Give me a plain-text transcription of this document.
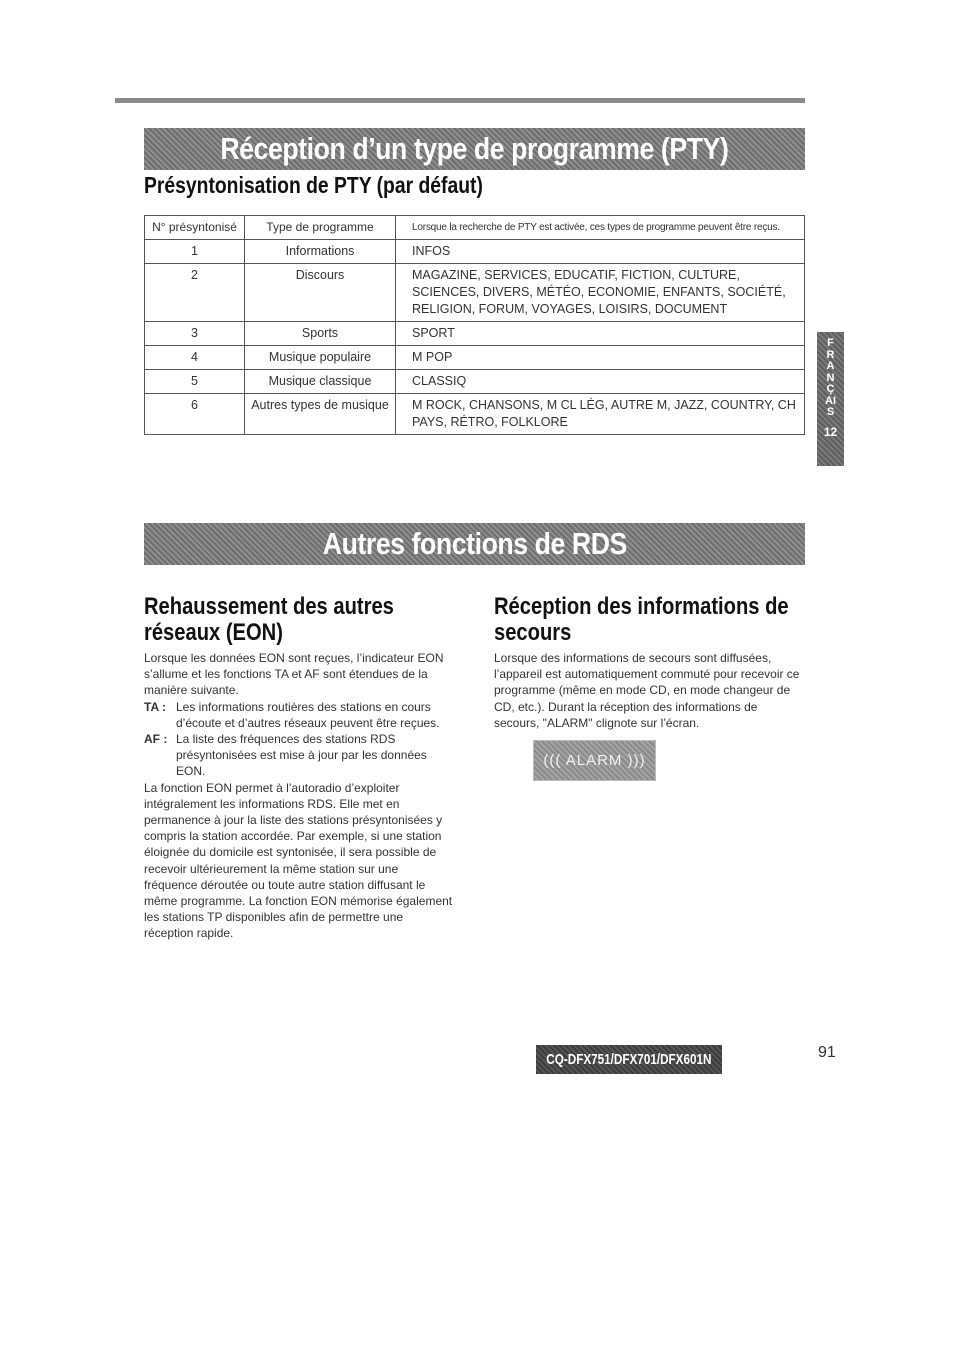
Réception d’un type de programme (PTY)
Présyntonisation de PTY (par défaut)
N° présyntonisé	Type de programme	Lorsque la recherche de PTY est activée, ces types de programme peuvent être reçus.
1	Informations	INFOS
2	Discours	MAGAZINE, SERVICES, EDUCATIF, FICTION, CULTURE, SCIENCES, DIVERS, MÉTÉO, ECONOMIE, ENFANTS, SOCIÉTÉ, RELIGION, FORUM, VOYAGES, LOISIRS, DOCUMENT
3	Sports	SPORT
4	Musique populaire	M POP
5	Musique classique	CLASSIQ
6	Autres types de musique	M ROCK, CHANSONS, M CL LÉG, AUTRE M, JAZZ, COUNTRY, CH PAYS, RÉTRO, FOLKLORE
FRANÇAIS
12
Autres fonctions de RDS
Rehaussement des autres
réseaux (EON)
Réception des informations de
secours

Lorsque les données EON sont reçues, l’indicateur EON s’allume et les fonctions TA et AF sont étendues de la manière suivante.

TA : Les informations routières des stations en cours d’écoute et d’autres réseaux peuvent être reçues.
AF : La liste des fréquences des stations RDS présyntonisées est mise à jour par les données EON.

La fonction EON permet à l’autoradio d’exploiter intégralement les informations RDS. Elle met en permanence à jour la liste des stations présyntonisées y compris la station accordée. Par exemple, si une station éloignée du domicile est syntonisée, il sera possible de recevoir ultérieurement la même station sur une fréquence déroutée ou toute autre station diffusant le même programme. La fonction EON mémorise également les stations TP disponibles afin de permettre une réception rapide.

Lorsque des informations de secours sont diffusées, l’appareil est automatiquement commuté pour recevoir ce programme (même en mode CD, en mode changeur de CD, etc.). Durant la réception des informations de secours, "ALARM" clignote sur l’écran.

((( ALARM )))
CQ-DFX751/DFX701/DFX601N	91
